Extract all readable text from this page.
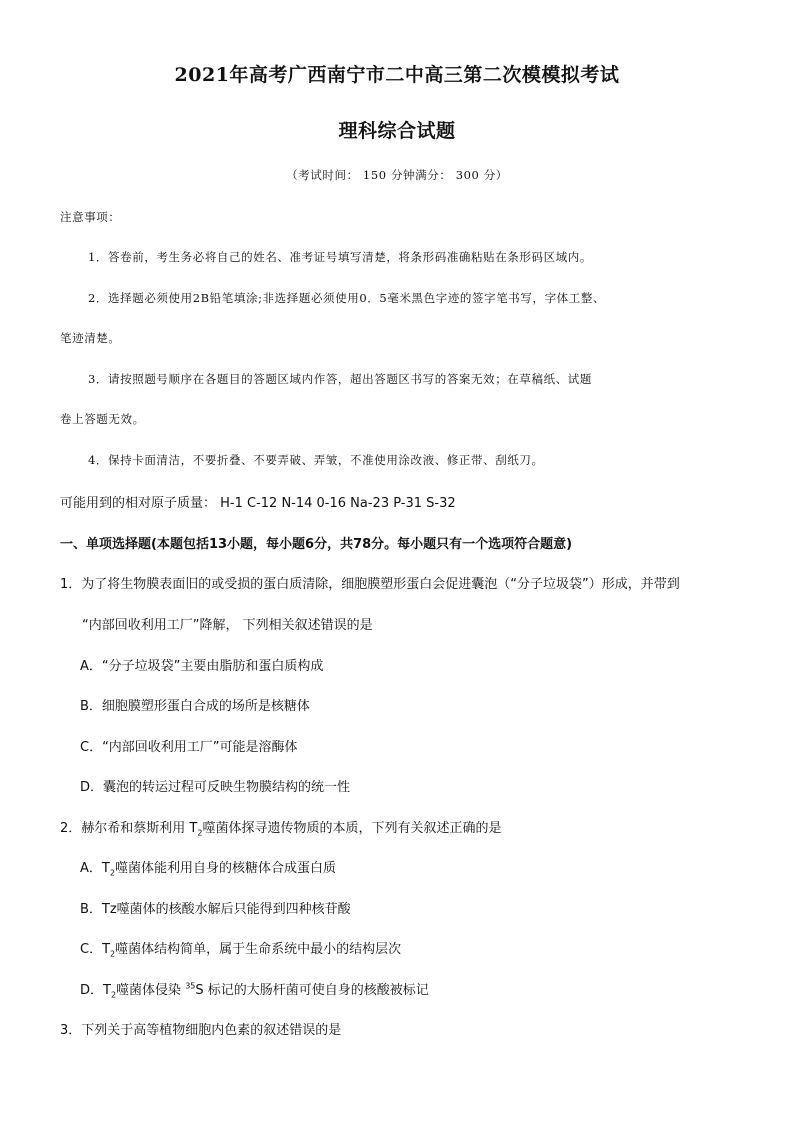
2021年高考广西南宁市二中高三第二次模模拟考试
理科综合试题
（考试时间： 150 分钟满分： 300 分）
注意事项：
1．答卷前，考生务必将自己的姓名、准考证号填写清楚，将条形码准确粘贴在条形码区域内。
2．选择题必须使用2B铅笔填涂;非选择题必须使用0．5毫米黑色字迹的签字笔书写，字体工整、
笔迹清楚。
3．请按照题号顺序在各题目的答题区域内作答，超出答题区书写的答案无效；在草稿纸、试题
卷上答题无效。
4．保持卡面清洁，不要折叠、不要弄破、弄皱，不准使用涂改液、修正带、刮纸刀。
可能用到的相对原子质量： H-1 C-12 N-14 0-16 Na-23 P-31 S-32
一、单项选择题(本题包括13小题，每小题6分，共78分。每小题只有一个选项符合题意)
1．为了将生物膜表面旧的或受损的蛋白质清除，细胞膜塑形蛋白会促进囊泡（“分子垃圾袋”）形成，并带到
“内部回收利用工厂”降解， 下列相关叙述错误的是
A．“分子垃圾袋”主要由脂肪和蛋白质构成
B．细胞膜塑形蛋白合成的场所是核糖体
C．“内部回收利用工厂”可能是溶酶体
D．囊泡的转运过程可反映生物膜结构的统一性
2．赫尔希和蔡斯利用 $T_2$噬菌体探寻遗传物质的本质，下列有关叙述正确的是
A．$T_2$噬菌体能利用自身的核糖体合成蛋白质
B．Tz噬菌体的核酸水解后只能得到四种核苷酸
C．$T_2$噬菌体结构简单，属于生命系统中最小的结构层次
D．$T_2$噬菌体侵染 $^{35}$S 标记的大肠杆菌可使自身的核酸被标记
3．下列关于高等植物细胞内色素的叙述错误的是
